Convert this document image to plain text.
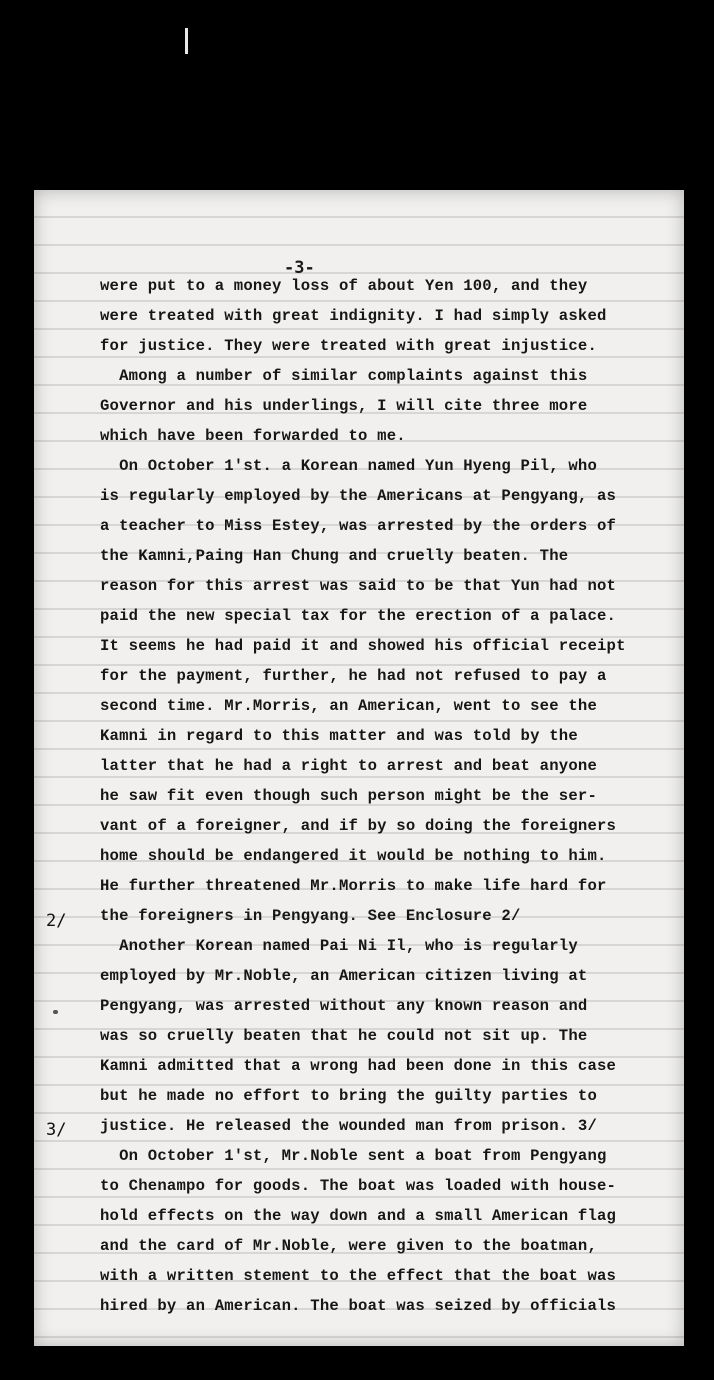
-3-

were put to a money loss of about Yen 100, and they

were treated with great indignity. I had simply asked

for justice. They were treated with great injustice.

Among a number of similar complaints against this

Governor and his underlings, I will cite three more

which have been forwarded to me.

On October 1'st. a Korean named Yun Hyeng Pil, who

is regularly employed by the Americans at Pengyang, as

a teacher to Miss Estey, was arrested by the orders of

the Kamni,Paing Han Chung and cruelly beaten. The

reason for this arrest was said to be that Yun had not

paid the new special tax for the erection of a palace.

It seems he had paid it and showed his official receipt

for the payment, further, he had not refused to pay a

second time. Mr.Morris, an American, went to see the

Kamni in regard to this matter and was told by the

latter that he had a right to arrest and beat anyone

he saw fit even though such person might be the ser-

vant of a foreigner, and if by so doing the foreigners

home should be endangered it would be nothing to him.

He further threatened Mr.Morris to make life hard for

the foreigners in Pengyang. See Enclosure 2/

Another Korean named Pai Ni Il, who is regularly

employed by Mr.Noble, an American citizen living at

Pengyang, was arrested without any known reason and

was so cruelly beaten that he could not sit up. The

Kamni admitted that a wrong had been done in this case

but he made no effort to bring the guilty parties to

justice. He released the wounded man from prison. 3/

On October 1'st, Mr.Noble sent a boat from Pengyang

to Chenampo for goods. The boat was loaded with house-

hold effects on the way down and a small American flag

and the card of Mr.Noble, were given to the boatman,

with a written stement to the effect that the boat was

hired by an American. The boat was seized by officials

2/

3/
